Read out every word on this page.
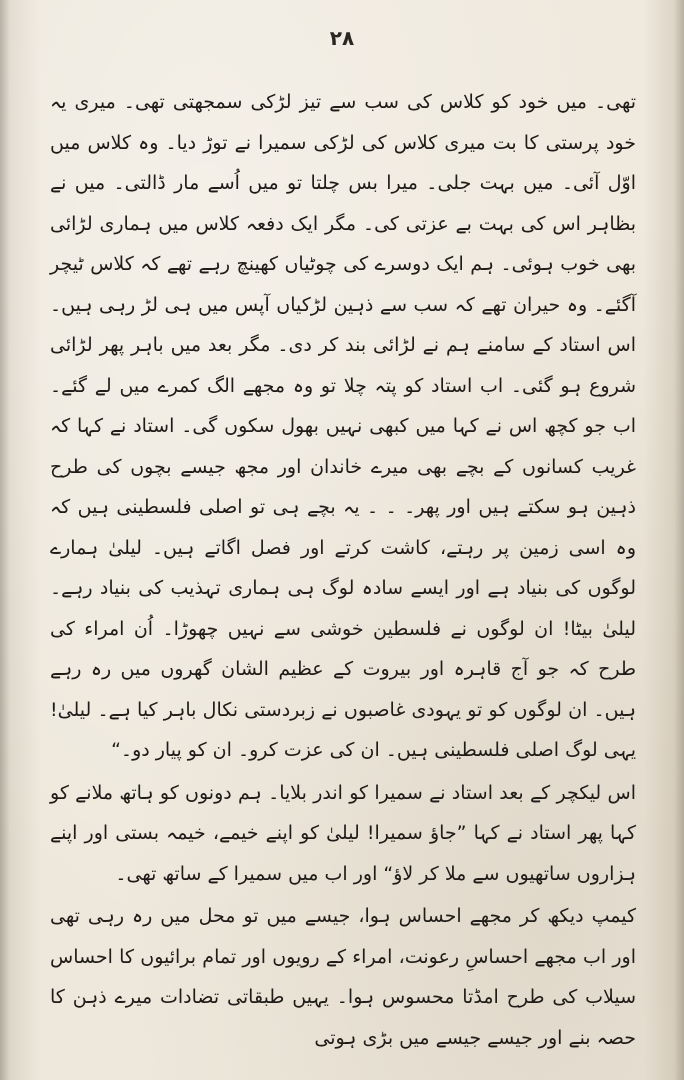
۲۸

تھی۔ میں خود کو کلاس کی سب سے تیز لڑکی سمجھتی تھی۔ میری یہ خود پرستی کا بت میری کلاس کی لڑکی سمیرا نے توڑ دیا۔ وہ کلاس میں اوّل آئی۔ میں بہت جلی۔ میرا بس چلتا تو میں اُسے مار ڈالتی۔ میں نے بظاہر اس کی بہت بے عزتی کی۔ مگر ایک دفعہ کلاس میں ہماری لڑائی بھی خوب ہوئی۔ ہم ایک دوسرے کی چوٹیاں کھینچ رہے تھے کہ کلاس ٹیچر آگئے۔ وہ حیران تھے کہ سب سے ذہین لڑکیاں آپس میں ہی لڑ رہی ہیں۔ اس استاد کے سامنے ہم نے لڑائی بند کر دی۔ مگر بعد میں باہر پھر لڑائی شروع ہو گئی۔ اب استاد کو پتہ چلا تو وہ مجھے الگ کمرے میں لے گئے۔ اب جو کچھ اس نے کہا میں کبھی نہیں بھول سکوں گی۔ استاد نے کہا کہ غریب کسانوں کے بچے بھی میرے خاندان اور مجھ جیسے بچوں کی طرح ذہین ہو سکتے ہیں اور پھر۔ ۔ ۔ یہ بچے ہی تو اصلی فلسطینی ہیں کہ وہ اسی زمین پر رہتے، کاشت کرتے اور فصل اگاتے ہیں۔ لیلیٰ ہمارے لوگوں کی بنیاد ہے اور ایسے سادہ لوگ ہی ہماری تہذیب کی بنیاد رہے۔ لیلیٰ بیٹا! ان لوگوں نے فلسطین خوشی سے نہیں چھوڑا۔ اُن امراء کی طرح کہ جو آج قاہرہ اور بیروت کے عظیم الشان گھروں میں رہ رہے ہیں۔ ان لوگوں کو تو یہودی غاصبوں نے زبردستی نکال باہر کیا ہے۔ لیلیٰ! یہی لوگ اصلی فلسطینی ہیں۔ ان کی عزت کرو۔ ان کو پیار دو۔“

اس لیکچر کے بعد استاد نے سمیرا کو اندر بلایا۔ ہم دونوں کو ہاتھ ملانے کو کہا پھر استاد نے کہا ”جاؤ سمیرا! لیلیٰ کو اپنے خیمے، خیمہ بستی اور اپنے ہزاروں ساتھیوں سے ملا کر لاؤ“ اور اب میں سمیرا کے ساتھ تھی۔

کیمپ دیکھ کر مجھے احساس ہوا، جیسے میں تو محل میں رہ رہی تھی اور اب مجھے احساسِ رعونت، امراء کے رویوں اور تمام برائیوں کا احساس سیلاب کی طرح امڈتا محسوس ہوا۔ یہیں طبقاتی تضادات میرے ذہن کا حصہ بنے اور جیسے جیسے میں بڑی ہوتی
